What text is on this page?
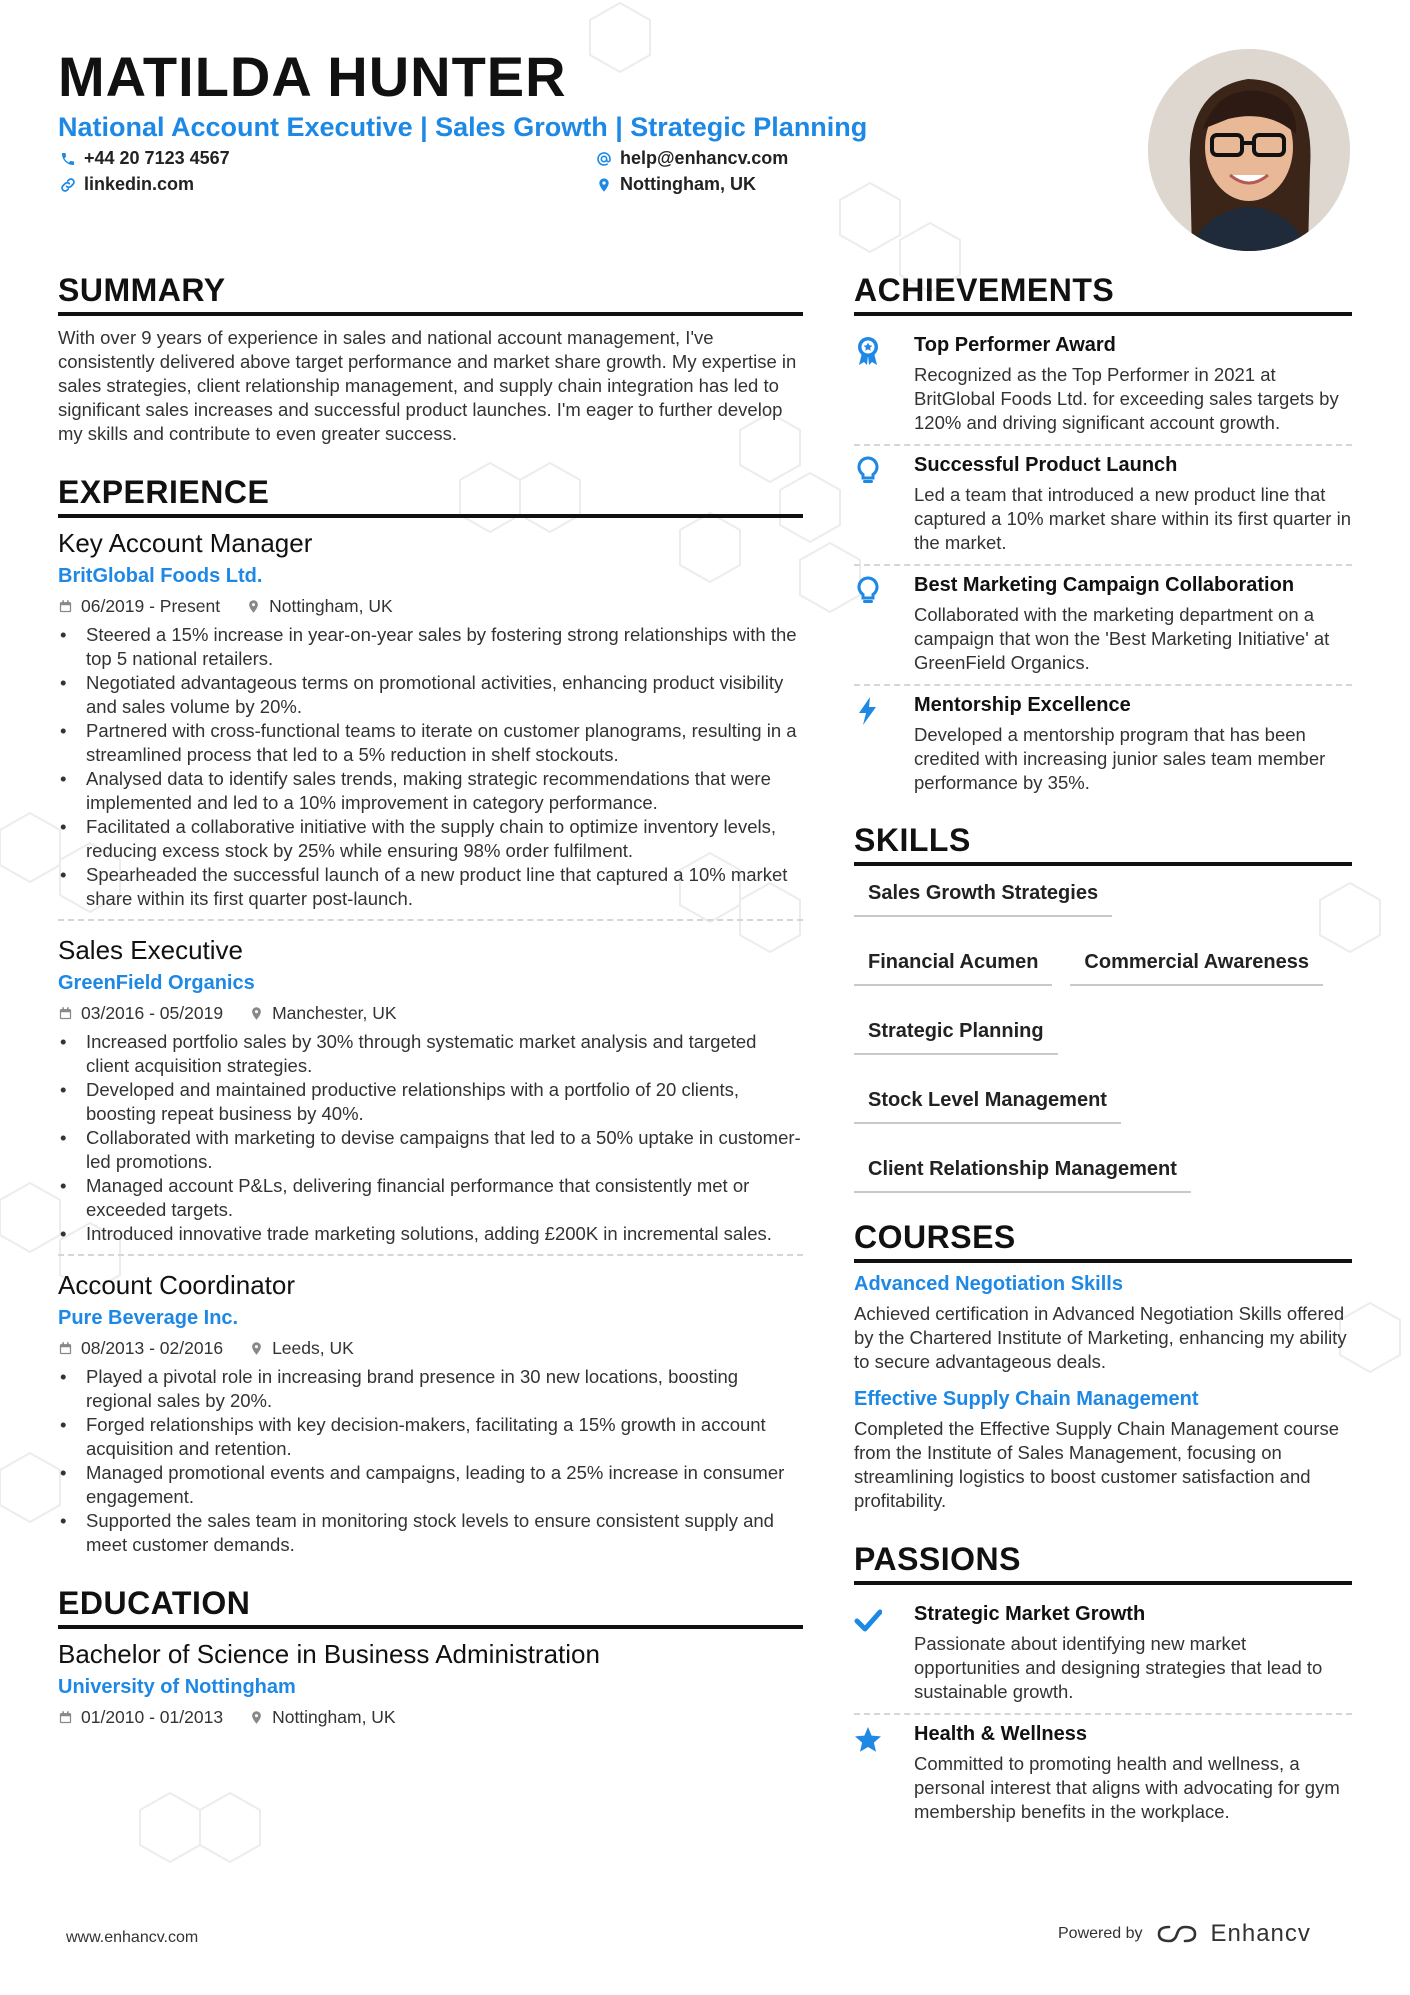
MATILDA HUNTER
National Account Executive | Sales Growth | Strategic Planning
+44 20 7123 4567	help@enhancv.com
linkedin.com	Nottingham, UK
SUMMARY

With over 9 years of experience in sales and national account management, I've consistently delivered above target performance and market share growth. My expertise in sales strategies, client relationship management, and supply chain integration has led to significant sales increases and successful product launches. I'm eager to further develop my skills and contribute to even greater success.

EXPERIENCE
Key Account Manager
BritGlobal Foods Ltd.
06/2019 - Present	Nottingham, UK
• Steered a 15% increase in year-on-year sales by fostering strong relationships with the top 5 national retailers.
• Negotiated advantageous terms on promotional activities, enhancing product visibility and sales volume by 20%.
• Partnered with cross-functional teams to iterate on customer planograms, resulting in a streamlined process that led to a 5% reduction in shelf stockouts.
• Analysed data to identify sales trends, making strategic recommendations that were implemented and led to a 10% improvement in category performance.
• Facilitated a collaborative initiative with the supply chain to optimize inventory levels, reducing excess stock by 25% while ensuring 98% order fulfilment.
• Spearheaded the successful launch of a new product line that captured a 10% market share within its first quarter post-launch.
Sales Executive
GreenField Organics
03/2016 - 05/2019	Manchester, UK
• Increased portfolio sales by 30% through systematic market analysis and targeted client acquisition strategies.
• Developed and maintained productive relationships with a portfolio of 20 clients, boosting repeat business by 40%.
• Collaborated with marketing to devise campaigns that led to a 50% uptake in customer-led promotions.
• Managed account P&Ls, delivering financial performance that consistently met or exceeded targets.
• Introduced innovative trade marketing solutions, adding £200K in incremental sales.
Account Coordinator
Pure Beverage Inc.
08/2013 - 02/2016	Leeds, UK
• Played a pivotal role in increasing brand presence in 30 new locations, boosting regional sales by 20%.
• Forged relationships with key decision-makers, facilitating a 15% growth in account acquisition and retention.
• Managed promotional events and campaigns, leading to a 25% increase in consumer engagement.
• Supported the sales team in monitoring stock levels to ensure consistent supply and meet customer demands.
EDUCATION
Bachelor of Science in Business Administration
University of Nottingham
01/2010 - 01/2013	Nottingham, UK
ACHIEVEMENTS
Top Performer Award
Recognized as the Top Performer in 2021 at BritGlobal Foods Ltd. for exceeding sales targets by 120% and driving significant account growth.
Successful Product Launch
Led a team that introduced a new product line that captured a 10% market share within its first quarter in the market.
Best Marketing Campaign Collaboration
Collaborated with the marketing department on a campaign that won the 'Best Marketing Initiative' at GreenField Organics.
Mentorship Excellence
Developed a mentorship program that has been credited with increasing junior sales team member performance by 35%.
SKILLS
Sales Growth Strategies
Financial Acumen	Commercial Awareness
Strategic Planning
Stock Level Management
Client Relationship Management
COURSES
Advanced Negotiation Skills

Achieved certification in Advanced Negotiation Skills offered by the Chartered Institute of Marketing, enhancing my ability to secure advantageous deals.

Effective Supply Chain Management

Completed the Effective Supply Chain Management course from the Institute of Sales Management, focusing on streamlining logistics to boost customer satisfaction and profitability.

PASSIONS
Strategic Market Growth
Passionate about identifying new market opportunities and designing strategies that lead to sustainable growth.
Health & Wellness
Committed to promoting health and wellness, a personal interest that aligns with advocating for gym membership benefits in the workplace.
www.enhancv.com	Powered by	Enhancv
